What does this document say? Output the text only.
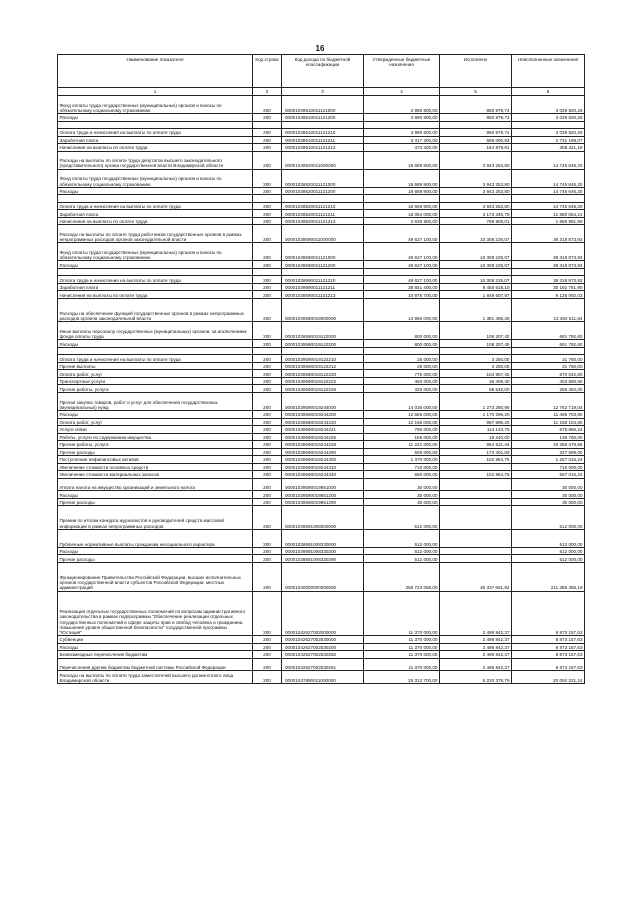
16
Наименование показателя	Код строки	Код дохода по бюджетной классификации	Утвержденные бюджетные назначения	Исполнено	Неисполненные назначения
1	2	3	4	5	6
Фонд оплаты труда государственных (муниципальных) органов и взносы по обязательному социальному страхованию	200	00001039510011121000	3 890 600,00	850 979,74	3 039 620,26
Расходы	200	00001039510011121200	3 890 600,00	850 979,74	3 039 620,26

Оплата труда и начисления на выплаты по оплате труда	200	00001039510011121210	3 890 600,00	850 979,74	3 039 620,26
Заработная плата	200	00001039510011121211	3 417 200,00	686 000,93	2 731 199,07
Начисления на выплаты по оплате труда	200	00001039510011121213	473 400,00	164 978,81	308 421,19
Расходы на выплаты по оплате труда депутатов высшего законодательного (представительного) органа государственной власти Владимирской области	200	00001039520011000000	18 689 900,00	3 943 253,80	14 746 646,20
Фонд оплаты труда государственных (муниципальных) органов и взносы по обязательному социальному страхованию	200	00001039520011121000	18 689 900,00	3 943 253,80	14 746 646,20
Расходы	200	00001039520011121200	18 689 900,00	3 943 253,80	14 746 646,20

Оплата труда и начисления на выплаты по оплате труда	200	00001039520011121210	18 689 900,00	3 943 253,80	14 746 646,20
Заработная плата	200	00001039520011121211	16 054 000,00	3 173 345,79	12 880 654,21
Начисления на выплаты по оплате труда	200	00001039520011121213	2 635 900,00	769 908,01	1 865 991,99
Расходы на выплаты по оплате труда работников государственных органов в рамках непрограммных расходов органов законодательной власти	200	00001039590011000000	49 627 100,00	10 308 226,07	39 318 873,93
Фонд оплаты труда государственных (муниципальных) органов и взносы по обязательному социальному страхованию	200	00001039590011121000	49 627 100,00	10 308 226,07	39 318 873,93
Расходы	200	00001039590011121200	49 627 100,00	10 308 226,07	39 318 873,93

Оплата труда и начисления на выплаты по оплате труда	200	00001039590011121210	49 627 100,00	10 308 226,07	39 318 873,93
Заработная плата	200	00001039590011121211	38 651 400,00	8 458 618,10	30 192 781,90
Начисления на выплаты по оплате труда	200	00001039590011121213	10 975 700,00	1 849 607,97	9 126 092,03
Расходы на обеспечение функций государственных органов в рамках непрограммных расходов органов законодательной власти	200	00001039590019000000	14 866 000,00	1 381 488,36	13 484 511,64
Иные выплаты персоналу государственных (муниципальных) органов, за исключением фонда оплаты труда	200	00001039590019122000	800 000,00	108 207,40	691 792,60
Расходы	200	00001039590019122200	800 000,00	108 207,40	691 792,60

Оплата труда и начисления на выплаты по оплате труда	200	00001039590019122210	25 000,00	3 250,00	21 750,00
Прочие выплаты	200	00001039590019122212	25 000,00	3 250,00	21 750,00
Оплата работ, услуг	200	00001039590019122220	775 000,00	104 957,40	670 042,60
Транспортные услуги	200	00001039590019122222	450 000,00	46 409,40	403 590,60
Прочие работы, услуги	200	00001039590019122226	325 000,00	58 548,00	266 452,00
Прочая закупка товаров, работ и услуг для обеспечения государственных (муниципальных) нужд	200	00001039590019244000	14 036 000,00	1 273 280,96	12 762 719,04
Расходы	200	00001039590019244200	12 666 000,00	1 170 296,20	11 495 703,80
Оплата работ, услуг	200	00001039590019244220	12 166 000,00	997 895,20	11 168 104,80
Услуги связи	200	00001039590019244221	790 000,00	114 133,76	675 866,24
Работы, услуги по содержанию имущества	200	00001039590019244225	155 000,00	19 240,00	135 760,00
Прочие работы, услуги	200	00001039590019244226	11 221 000,00	864 521,44	10 356 478,56
Прочие расходы	200	00001039590019244290	500 000,00	172 401,00	327 599,00
Поступление нефинансовых активов	200	00001039590019244300	1 370 000,00	102 984,76	1 267 015,24
Увеличение стоимости основных средств	200	00001039590019244310	710 000,00		710 000,00
Увеличение стоимости материальных запасов	200	00001039590019244340	660 000,00	102 984,76	557 015,24
Уплата налога на имущество организаций и земельного налога	200	00001039590019851000	30 000,00		30 000,00
Расходы	200	00001039590019851200	30 000,00		30 000,00
Прочие расходы	200	00001039590019851290	30 000,00		30 000,00
Премии по итогам конкурса журналистов и руководителей средств массовой информации в рамках непрограммных расходов	200	00001039591008000000	512 000,00		512 000,00
Публичные нормативные выплаты гражданам несоциального характера	200	00001039591008330000	512 000,00		512 000,00
Расходы	200	00001039591008330200	512 000,00		512 000,00
Прочие расходы	200	00001039591008330290	512 000,00		512 000,00
Функционирование Правительства Российской Федерации, высших исполнительных органов государственной власти субъектов Российской Федерации, местных администраций	200	00001040000000000000	256 723 068,00	45 337 681,82	211 385 386,18
Реализация отдельных государственных полномочий по вопросам административного законодательства в рамках подпрограммы "Обеспечение реализации отдельных государственных полномочий в сфере защиты прав и свобод человека и гражданина, повышения уровня общественной безопасности" государственной программы "Юстиция"	200	00001042627002000000	11 370 000,00	2 496 842,37	8 873 157,63
Субвенции	200	00001042627002530000	11 370 000,00	2 496 842,37	8 873 157,63
Расходы	200	00001042627002530200	11 370 000,00	2 496 842,37	8 873 157,63
Безвозмездные перечисления бюджетам	200	00001042627002530250	11 370 000,00	2 496 842,37	8 873 157,63
Перечисления другим бюджетам бюджетной системы Российской Федерации	200	00001042627002530251	11 370 000,00	2 496 842,37	8 873 157,63
Расходы на выплаты по оплате труда заместителей высшего должностного лица Владимирской области	200	00001047890011000000	25 312 700,00	5 220 378,76	20 092 321,24
